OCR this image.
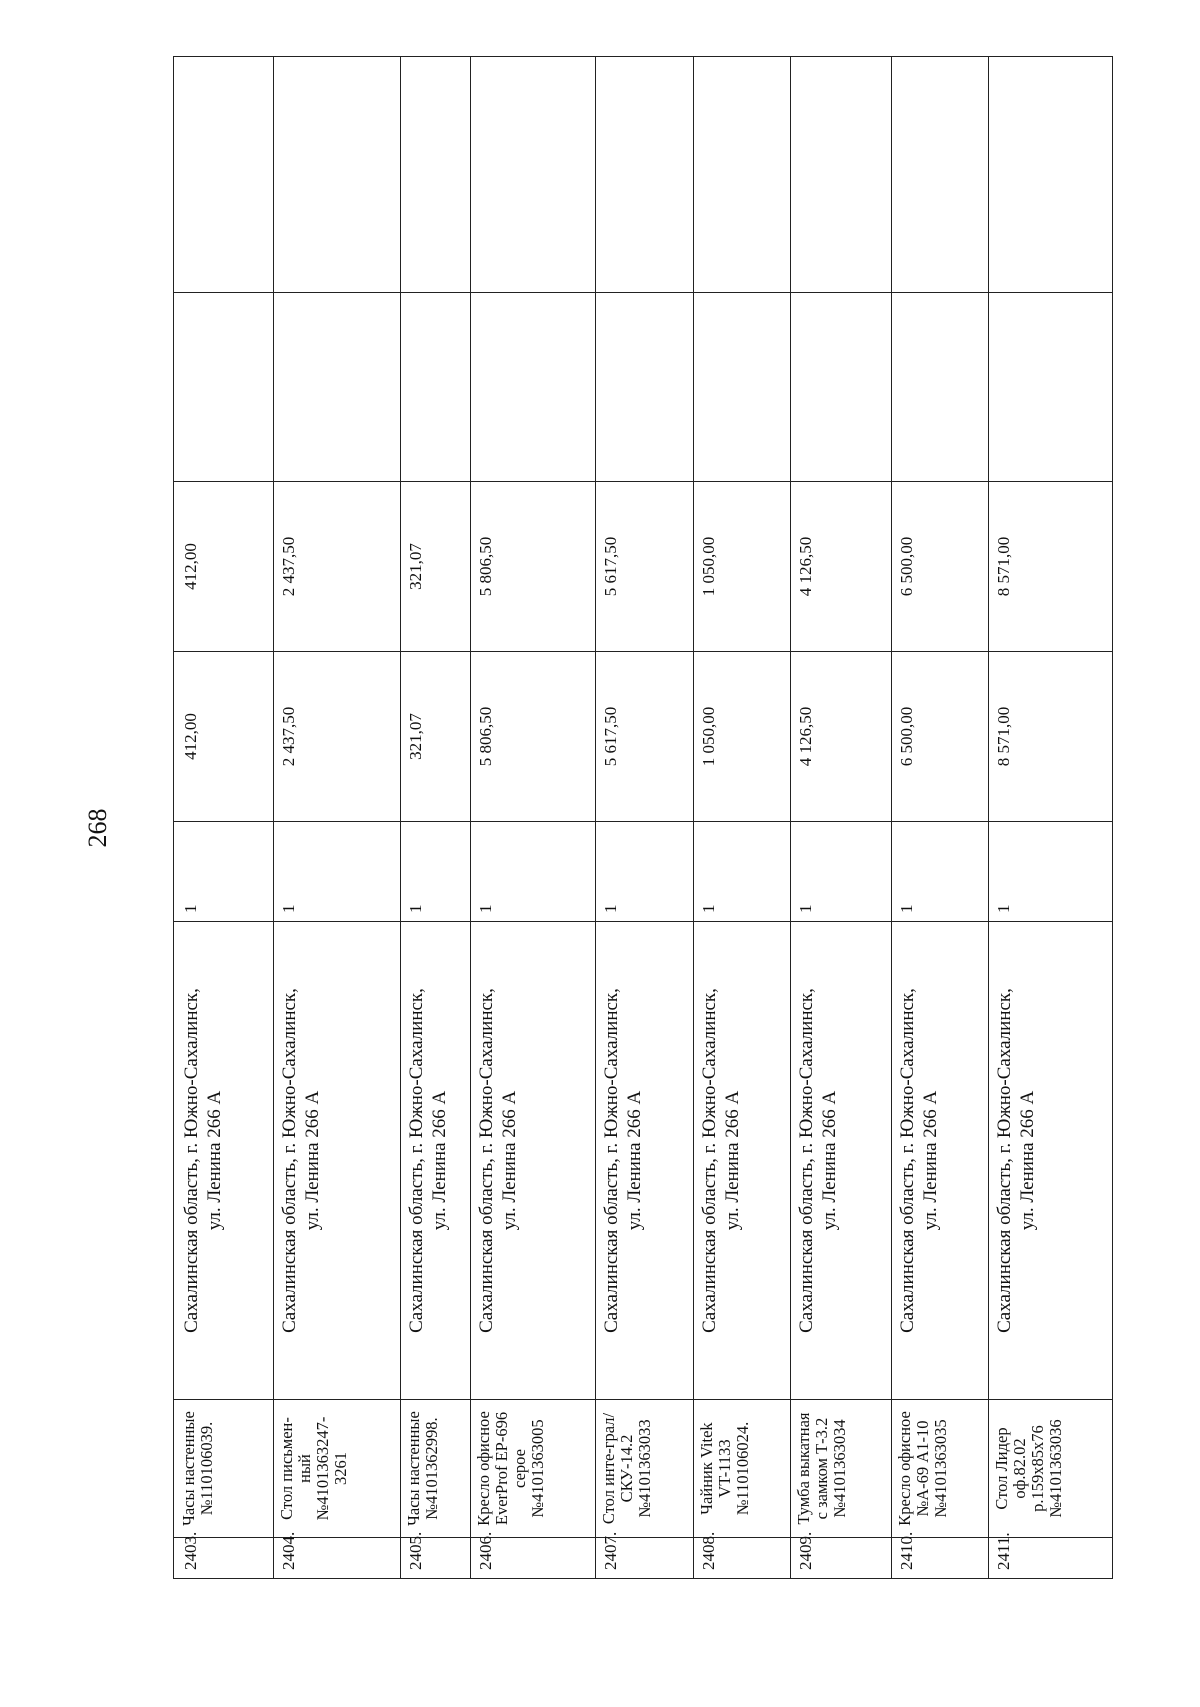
268
2403.	Часы настенные №110106039.	Сахалинская область, г. Южно-Сахалинск, ул. Ленина 266 А	1	412,00	412,00		
2404.	Стол письмен-ный №4101363247-3261	Сахалинская область, г. Южно-Сахалинск, ул. Ленина 266 А	1	2 437,50	2 437,50		
2405.	Часы настенные №4101362998.	Сахалинская область, г. Южно-Сахалинск, ул. Ленина 266 А	1	321,07	321,07		
2406.	Кресло офисное EverProf EP-696 серое №4101363005	Сахалинская область, г. Южно-Сахалинск, ул. Ленина 266 А	1	5 806,50	5 806,50		
2407.	Стол инте-грал/СКУ-14.2 №4101363033	Сахалинская область, г. Южно-Сахалинск, ул. Ленина 266 А	1	5 617,50	5 617,50		
2408.	Чайник Vitek VT-1133 №110106024.	Сахалинская область, г. Южно-Сахалинск, ул. Ленина 266 А	1	1 050,00	1 050,00		
2409.	Тумба выкатная с замком Т-3.2 №4101363034	Сахалинская область, г. Южно-Сахалинск, ул. Ленина 266 А	1	4 126,50	4 126,50		
2410.	Кресло офисное №А-69 А1-10 №4101363035	Сахалинская область, г. Южно-Сахалинск, ул. Ленина 266 А	1	6 500,00	6 500,00		
2411.	Стол Лидер оф.82.02 р.159х85х76 №4101363036	Сахалинская область, г. Южно-Сахалинск, ул. Ленина 266 А	1	8 571,00	8 571,00		
